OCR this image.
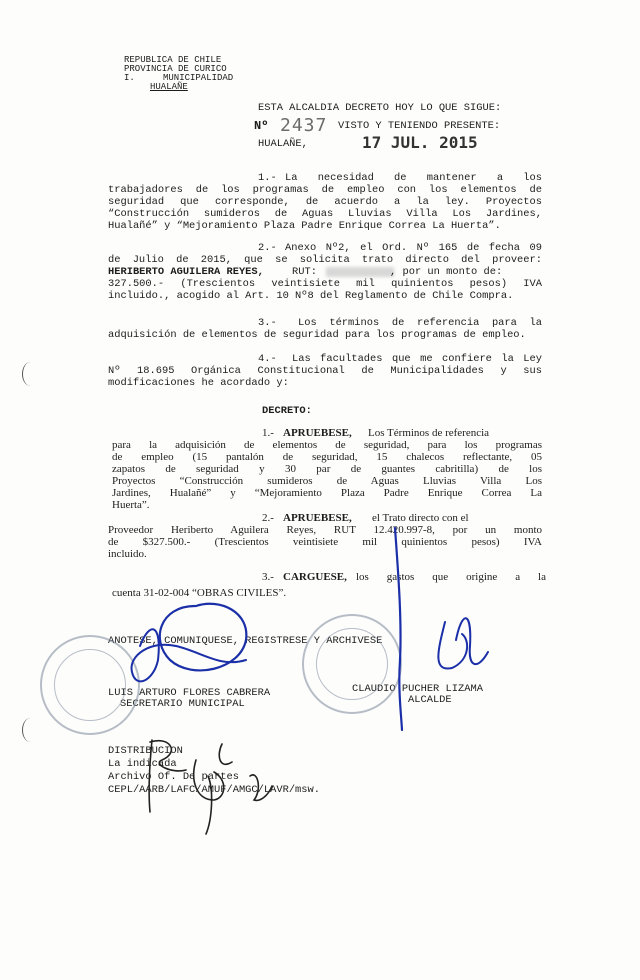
REPUBLICA DE CHILE
PROVINCIA DE CURICO
I.	MUNICIPALIDAD
HUALAÑE
ESTA ALCALDIA DECRETO HOY LO QUE SIGUE:
Nº 2437 VISTO Y TENIENDO PRESENTE:
HUALAÑE,	17 JUL. 2015
1.- La necesidad de mantener a los
trabajadores de los programas de empleo con los elementos de
seguridad que corresponde, de acuerdo a la ley. Proyectos
“Construcción sumideros de Aguas Lluvias Villa Los Jardines,
Hualañé” y “Mejoramiento Plaza Padre Enrique Correa La Huerta”.
2.- Anexo Nº2, el Ord. Nº 165 de fecha 09
de Julio de 2015, que se solicita trato directo del proveer:
HERIBERTO AGUILERA REYES,	RUT:	, por un monto de:
327.500.- (Trescientos veintisiete mil quinientos pesos) IVA
incluido., acogido al Art. 10 Nº8 del Reglamento de Chile Compra.
3.- Los términos de referencia para la
adquisición de elementos de seguridad para los programas de empleo.
4.- Las facultades que me confiere la Ley
Nº 18.695 Orgánica Constitucional de Municipalidades y sus
modificaciones he acordado y:
DECRETO:
1.- APRUEBESE, Los Términos de referencia
para la adquisición de elementos de seguridad, para los programas
de empleo (15 pantalón de seguridad, 15 chalecos reflectante, 05
zapatos de seguridad y 30 par de guantes cabritilla) de los
Proyectos “Construcción sumideros de Aguas Lluvias Villa Los
Jardines, Hualañé” y “Mejoramiento Plaza Padre Enrique Correa La
Huerta”.
2.- APRUEBESE, el Trato directo con el
Proveedor Heriberto Aguilera Reyes, RUT 12.420.997-8, por un monto
de $327.500.- (Trescientos veintisiete mil quinientos pesos) IVA
incluido.
3.- CARGUESE, los gastos que origine a la
cuenta 31-02-004 “OBRAS CIVILES”.
ANOTESE, COMUNIQUESE, REGISTRESE Y ARCHIVESE
LUIS ARTURO FLORES CABRERA
SECRETARIO MUNICIPAL
CLAUDIO PUCHER LIZAMA
ALCALDE
DISTRIBUCION
La indicada
Archivo Of. De partes
CEPL/AARB/LAFC/AMUF/AMGC/LAVR/msw.
